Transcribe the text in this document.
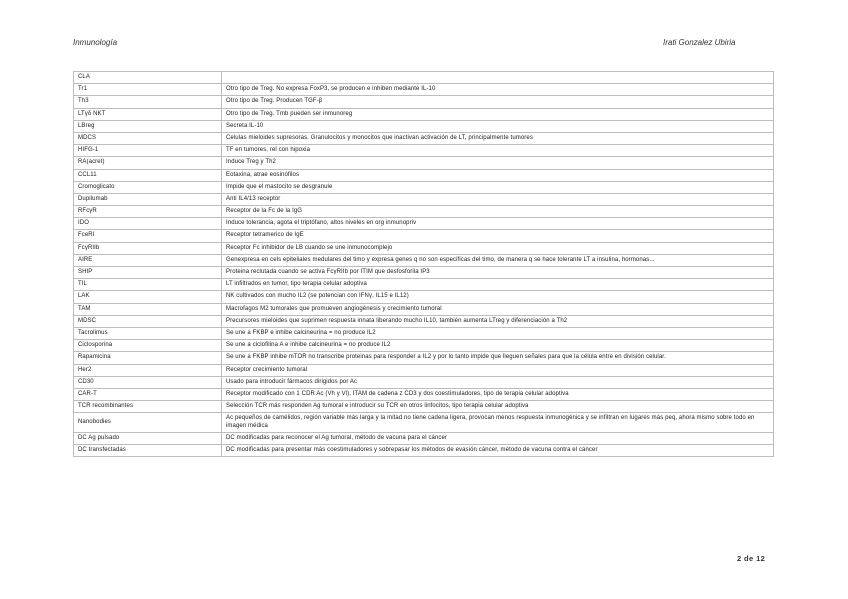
Inmunología	Irati Gonzalez Ubiria
CLA	
Tr1	Otro tipo de Treg. No expresa FoxP3, se producen e inhiben mediante IL-10
Th3	Otro tipo de Treg. Producen TGF-β
LTγδ NKT	Otro tipo de Treg. Tmb pueden ser inmunoreg
LBreg	Secreta IL-10
MDCS	Celulas mieloides supresoras. Granulocitos y monocitos que inactivan activación de LT, principalmente tumores
HIFG-1	TF en tumores, rel con hipoxia
RA(acret)	Induce Treg y Th2
CCL11	Eotaxina, atrae eosinófilos
Cromoglicato	Impide que el mastocito se desgranule
Dupilumab	Anti IL4/13 receptor
RFcγR	Receptor de la Fc de la IgG
IDO	Induce tolerancia, agota el triptófano, altos niveles en org inmunopriv
FceRI	Receptor tetramerico de IgE
FcγRIIb	Receptor Fc inhibidor de LB cuando se une inmunocomplejo
AIRE	Genexpresa en cels epiteliales medulares del timo y expresa genes q no son especificas del timo, de manera q se hace tolerante LT a insulina, hormonas...
SHIP	Proteina reclutada cuando se activa FcγRIIb por ITIM que desfosforila IP3
TIL	LT infiltrados en tumor, tipo terapia celular adoptiva
LAK	NK cultivados con mucho IL2 (se potencian con IFNγ, IL15 e IL12)
TAM	Macrofagos M2 tumorales que promueven angiogénesis y crecimiento tumoral
MDSC	Precursores mieloides que suprimen respuesta innata liberando mucho IL10, también aumenta LTreg y diferenciación a Th2
Tacrolimus	Se une a FKBP e inhibe calcineurina = no produce IL2
Ciclosporina	Se une a ciclofilina A e inhibe calcineurina = no produce IL2
Rapamicina	Se une a FKBP inhibe mTOR no transcribe proteinas para responder a IL2 y por lo tanto impide que lleguen señales para que la célula entre en división celular.
Her2	Receptor crecimiento tumoral
CD30	Usado para introducir fármacos dirigidos por Ac
CAR-T	Receptor modificado con 1 CDR Ac (Vh y Vl), ITAM de cadena z CD3 y dos coestimuladores, tipo de terapia celular adoptiva
TCR recombinantes	Selección TCR más responden Ag tumoral e introducir su TCR en otros linfocitos, tipo terapia celular adoptiva
Nanobodies	Ac pequeños de camélidos, región variable más larga y la mitad no tiene cadena ligera, provocan menos respuesta inmunogénica y se infiltran en lugares más peq, ahora mismo sobre todo en imagen médica
DC Ag pulsado	DC modificadas para reconocer el Ag tumoral, método de vacuna para el cáncer
DC transfectadas	DC modificadas para presentar más coestimuladores y sobrepasar los métodos de evasión cáncer, método de vacuna contra el cáncer
2 de 12
